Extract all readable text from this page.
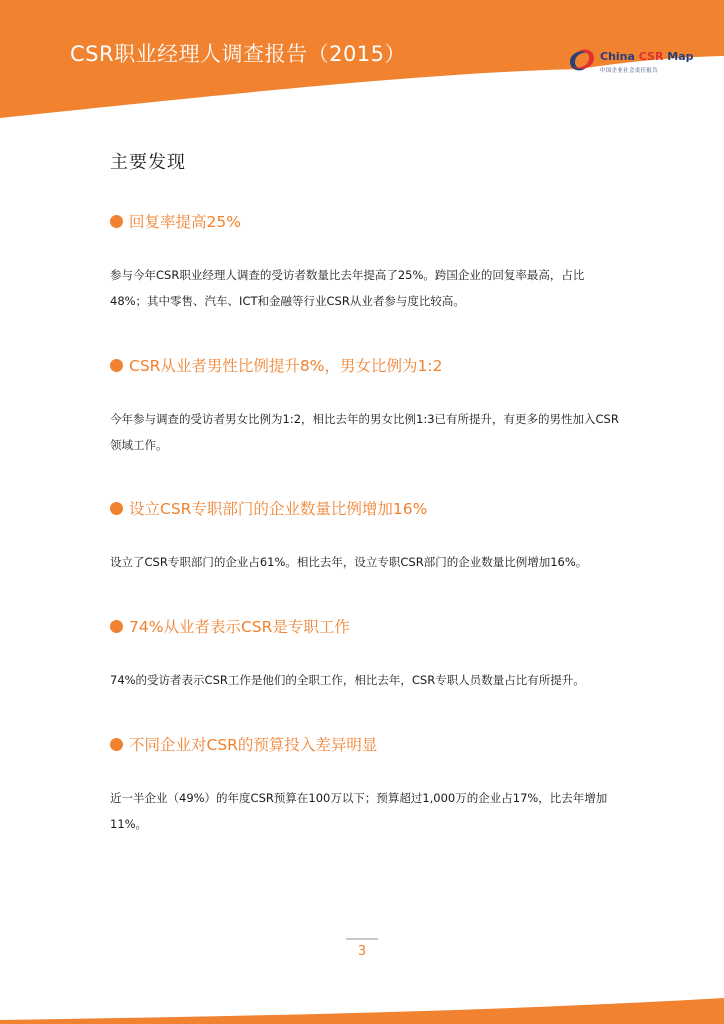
CSR职业经理人调查报告（2015）	China CSR Map
中国企业社会责任报告
主要发现
回复率提高25%
参与今年CSR职业经理人调查的受访者数量比去年提高了25%。跨国企业的回复率最高，占比48%；其中零售、汽车、ICT和金融等行业CSR从业者参与度比较高。
CSR从业者男性比例提升8%，男女比例为1:2
今年参与调查的受访者男女比例为1:2，相比去年的男女比例1:3已有所提升，有更多的男性加入CSR领域工作。
设立CSR专职部门的企业数量比例增加16%
设立了CSR专职部门的企业占61%。相比去年，设立专职CSR部门的企业数量比例增加16%。
74%从业者表示CSR是专职工作
74%的受访者表示CSR工作是他们的全职工作，相比去年，CSR专职人员数量占比有所提升。
不同企业对CSR的预算投入差异明显
近一半企业（49%）的年度CSR预算在100万以下；预算超过1,000万的企业占17%，比去年增加11%。
3
